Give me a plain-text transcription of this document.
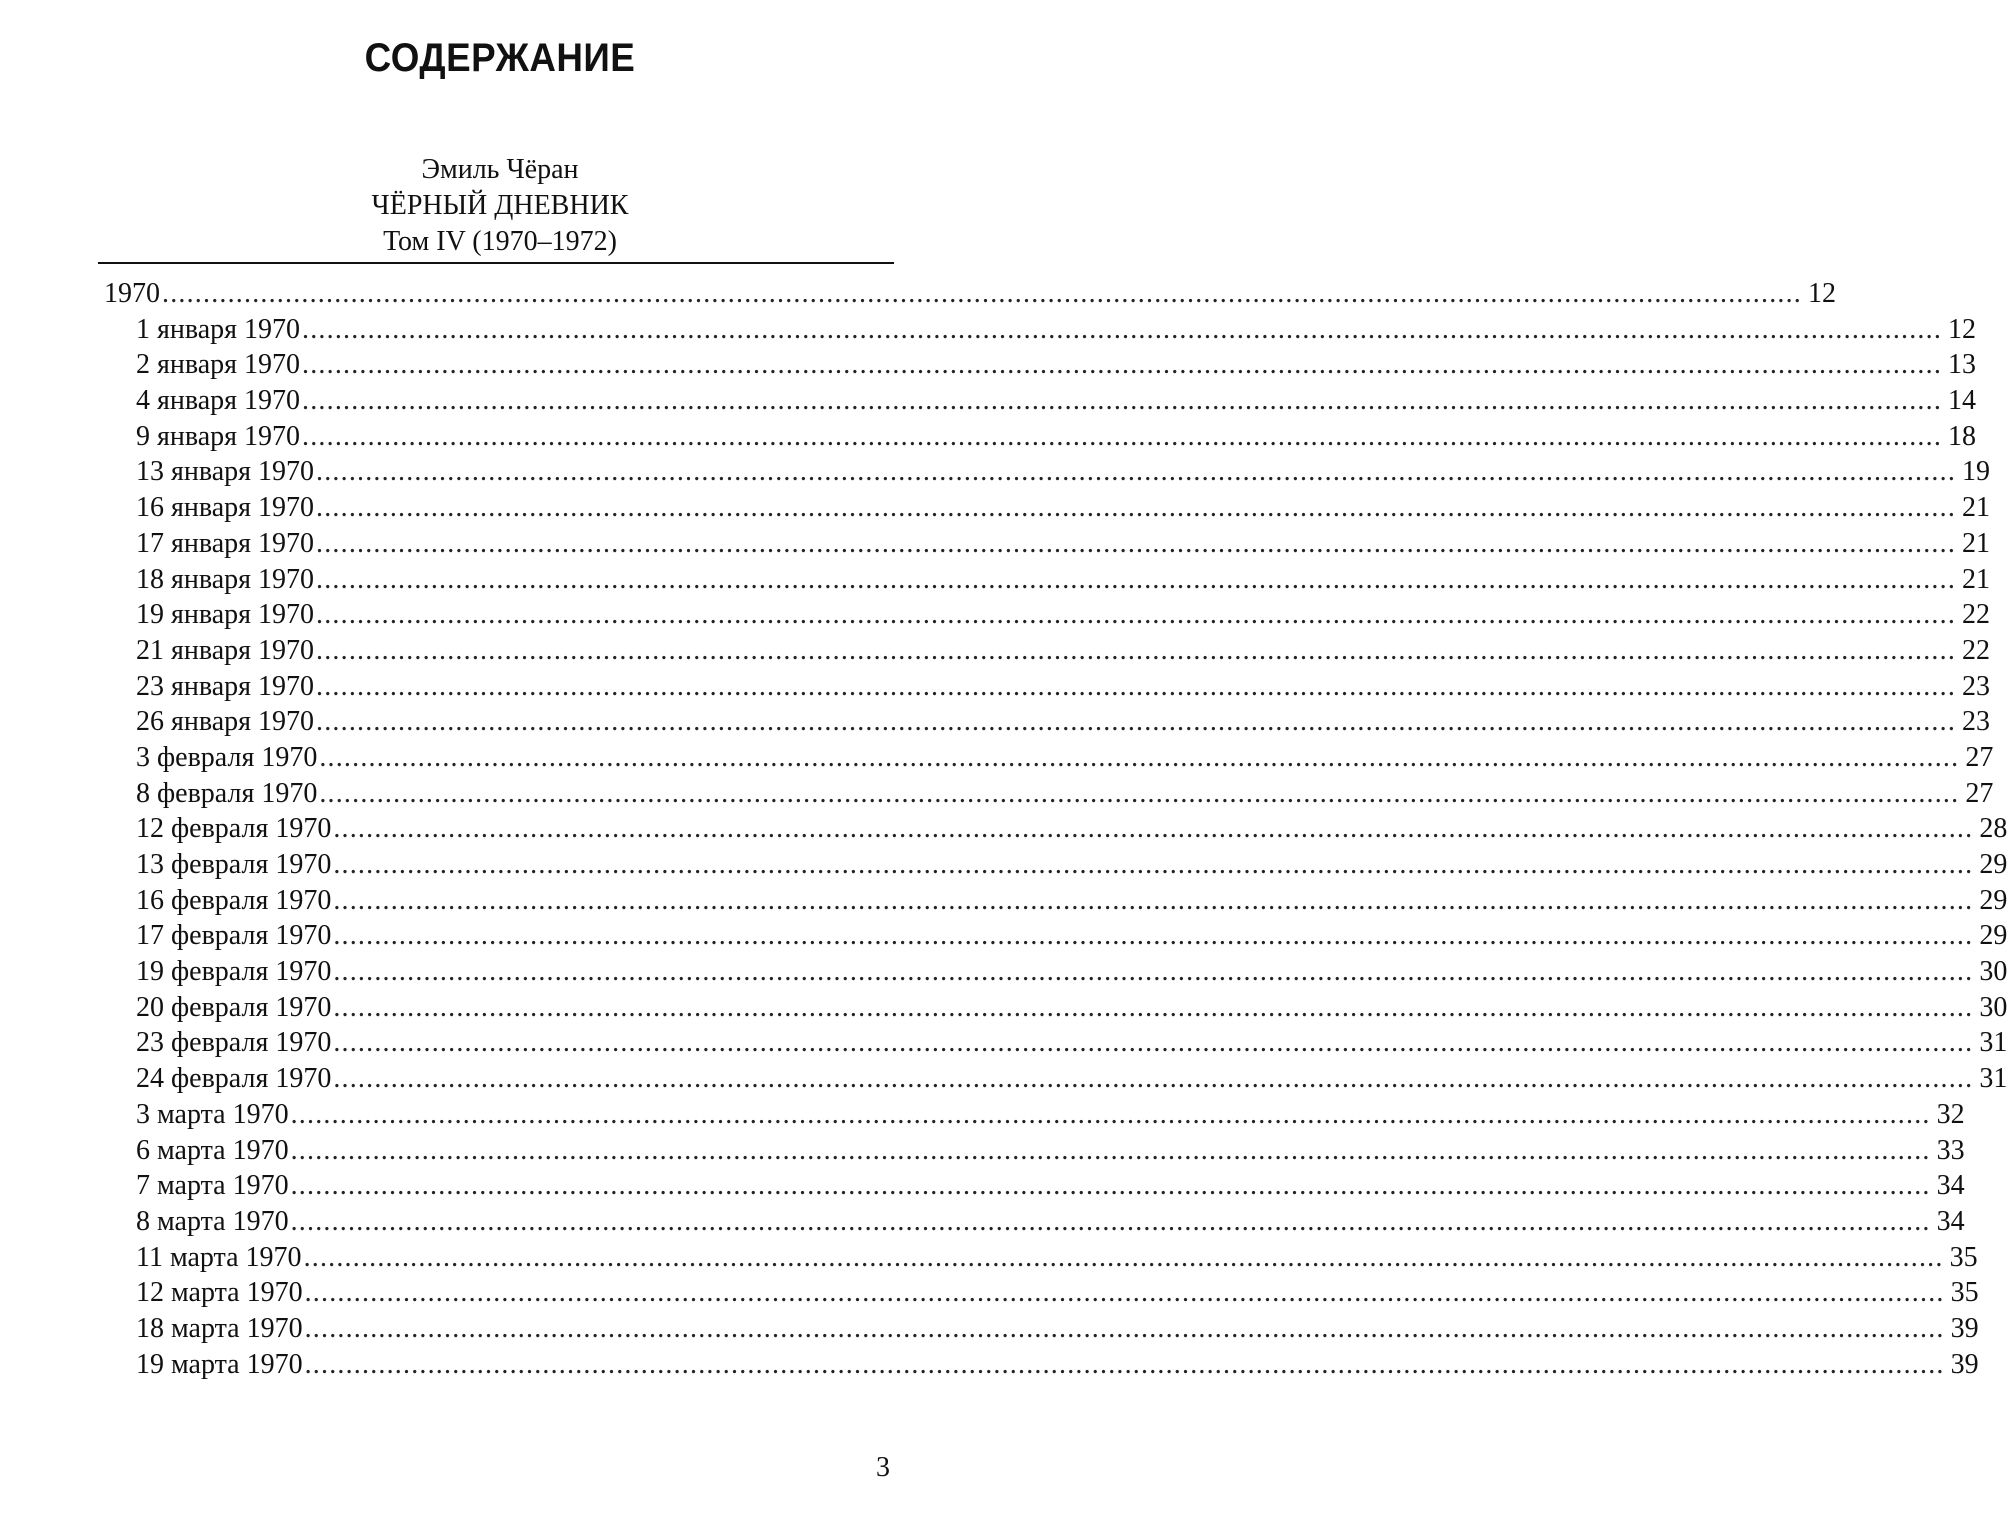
СОДЕРЖАНИЕ
Эмиль Чёран
ЧЁРНЫЙ ДНЕВНИК
Том IV (1970–1972)
1970 ........................................................................................................................................................................................................ 12
1 января 1970 ........................................................................................................................................................................................................ 12
2 января 1970 ........................................................................................................................................................................................................ 13
4 января 1970 ........................................................................................................................................................................................................ 14
9 января 1970 ........................................................................................................................................................................................................ 18
13 января 1970 ........................................................................................................................................................................................................ 19
16 января 1970 ........................................................................................................................................................................................................ 21
17 января 1970 ........................................................................................................................................................................................................ 21
18 января 1970 ........................................................................................................................................................................................................ 21
19 января 1970 ........................................................................................................................................................................................................ 22
21 января 1970 ........................................................................................................................................................................................................ 22
23 января 1970 ........................................................................................................................................................................................................ 23
26 января 1970 ........................................................................................................................................................................................................ 23
3 февраля 1970 ........................................................................................................................................................................................................ 27
8 февраля 1970 ........................................................................................................................................................................................................ 27
12 февраля 1970 ........................................................................................................................................................................................................ 28
13 февраля 1970 ........................................................................................................................................................................................................ 29
16 февраля 1970 ........................................................................................................................................................................................................ 29
17 февраля 1970 ........................................................................................................................................................................................................ 29
19 февраля 1970 ........................................................................................................................................................................................................ 30
20 февраля 1970 ........................................................................................................................................................................................................ 30
23 февраля 1970 ........................................................................................................................................................................................................ 31
24 февраля 1970 ........................................................................................................................................................................................................ 31
3 марта 1970 ........................................................................................................................................................................................................ 32
6 марта 1970 ........................................................................................................................................................................................................ 33
7 марта 1970 ........................................................................................................................................................................................................ 34
8 марта 1970 ........................................................................................................................................................................................................ 34
11 марта 1970 ........................................................................................................................................................................................................ 35
12 марта 1970 ........................................................................................................................................................................................................ 35
18 марта 1970 ........................................................................................................................................................................................................ 39
19 марта 1970 ........................................................................................................................................................................................................ 39
3
